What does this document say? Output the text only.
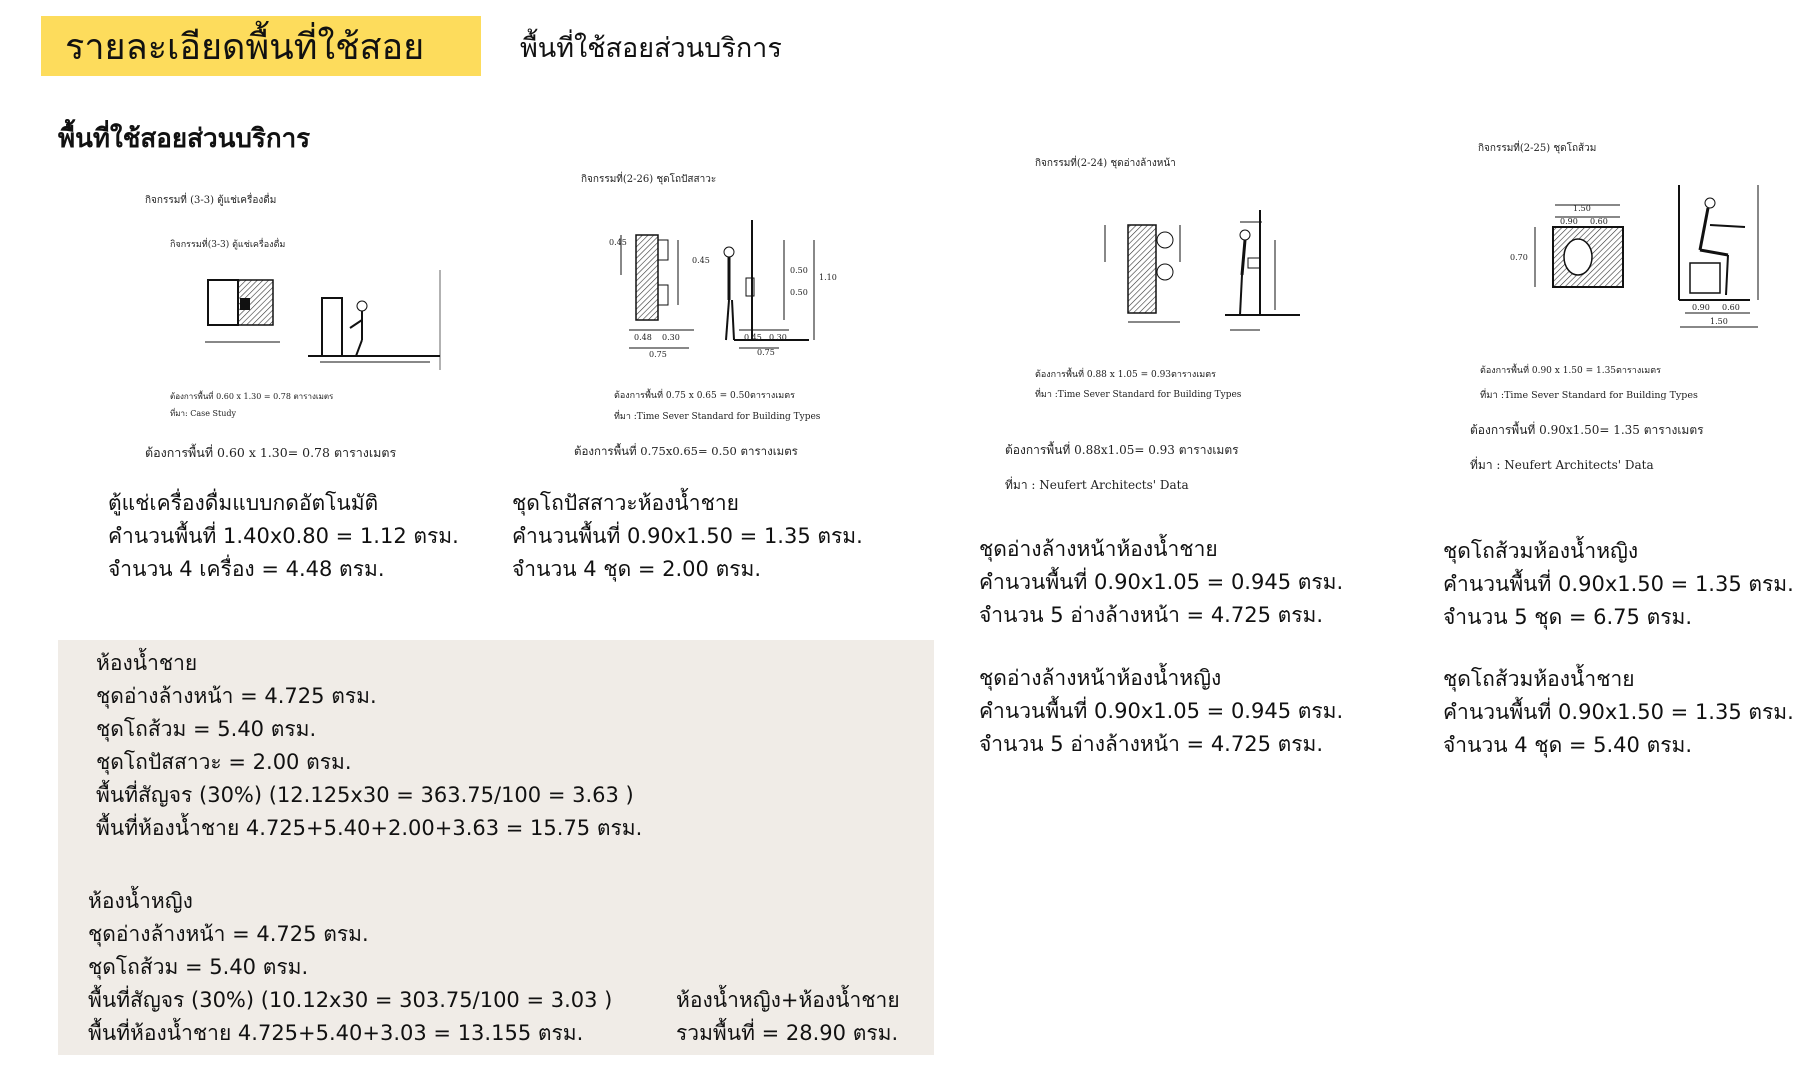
รายละเอียดพื้นที่ใช้สอย	พื้นที่ใช้สอยส่วนบริการ
พื้นที่ใช้สอยส่วนบริการ
กิจกรรมที่ (3-3) ตู้แช่เครื่องดื่ม
กิจกรรมที่(3-3) ตู้แช่เครื่องดื่ม
ต้องการพื้นที่ 0.60 x 1.30 = 0.78 ตารางเมตร
ที่มา: Case Study
ต้องการพื้นที่ 0.60 x 1.30= 0.78 ตารางเมตร
กิจกรรมที่(2-26) ชุดโถปัสสาวะ
0.45
0.45
0.50
0.50
1.10
0.48 0.30
0.75
0.45 0.30
0.75
ต้องการพื้นที่ 0.75 x 0.65 = 0.50ตารางเมตร
ที่มา :Time Sever Standard for Building Types
ต้องการพื้นที่ 0.75x0.65= 0.50 ตารางเมตร
กิจกรรมที่(2-24) ชุดอ่างล้างหน้า
ต้องการพื้นที่ 0.88 x 1.05 = 0.93ตารางเมตร
ที่มา :Time Sever Standard for Building Types
ต้องการพื้นที่ 0.88x1.05= 0.93 ตารางเมตร
ที่มา : Neufert Architects' Data
กิจกรรมที่(2-25) ชุดโถส้วม
1.50
0.90 0.60
0.70
0.90 0.60
1.50
ต้องการพื้นที่ 0.90 x 1.50 = 1.35ตารางเมตร
ที่มา :Time Sever Standard for Building Types
ต้องการพื้นที่ 0.90x1.50= 1.35 ตารางเมตร
ที่มา : Neufert Architects' Data
ตู้แช่เครื่องดื่มแบบกดอัตโนมัติ
คำนวนพื้นที่ 1.40x0.80 = 1.12 ตรม.
จำนวน 4 เครื่อง = 4.48 ตรม.
ชุดโถปัสสาวะห้องน้ำชาย
คำนวนพื้นที่ 0.90x1.50 = 1.35 ตรม.
จำนวน 4 ชุด = 2.00 ตรม.
ชุดอ่างล้างหน้าห้องน้ำชาย
คำนวนพื้นที่ 0.90x1.05 = 0.945 ตรม.
จำนวน 5 อ่างล้างหน้า = 4.725 ตรม.
ชุดอ่างล้างหน้าห้องน้ำหญิง
คำนวนพื้นที่ 0.90x1.05 = 0.945 ตรม.
จำนวน 5 อ่างล้างหน้า = 4.725 ตรม.
ชุดโถส้วมห้องน้ำหญิง
คำนวนพื้นที่ 0.90x1.50 = 1.35 ตรม.
จำนวน 5 ชุด = 6.75 ตรม.
ชุดโถส้วมห้องน้ำชาย
คำนวนพื้นที่ 0.90x1.50 = 1.35 ตรม.
จำนวน 4 ชุด = 5.40 ตรม.
ห้องน้ำชาย
ชุดอ่างล้างหน้า = 4.725 ตรม.
ชุดโถส้วม = 5.40 ตรม.
ชุดโถปัสสาวะ = 2.00 ตรม.
พื้นที่สัญจร (30%) (12.125x30 = 363.75/100 = 3.63 )
พื้นที่ห้องน้ำชาย 4.725+5.40+2.00+3.63 = 15.75 ตรม.
ห้องน้ำหญิง
ชุดอ่างล้างหน้า = 4.725 ตรม.
ชุดโถส้วม = 5.40 ตรม.
พื้นที่สัญจร (30%) (10.12x30 = 303.75/100 = 3.03 )
พื้นที่ห้องน้ำชาย 4.725+5.40+3.03 = 13.155 ตรม.
ห้องน้ำหญิง+ห้องน้ำชาย
รวมพื้นที่ = 28.90 ตรม.
